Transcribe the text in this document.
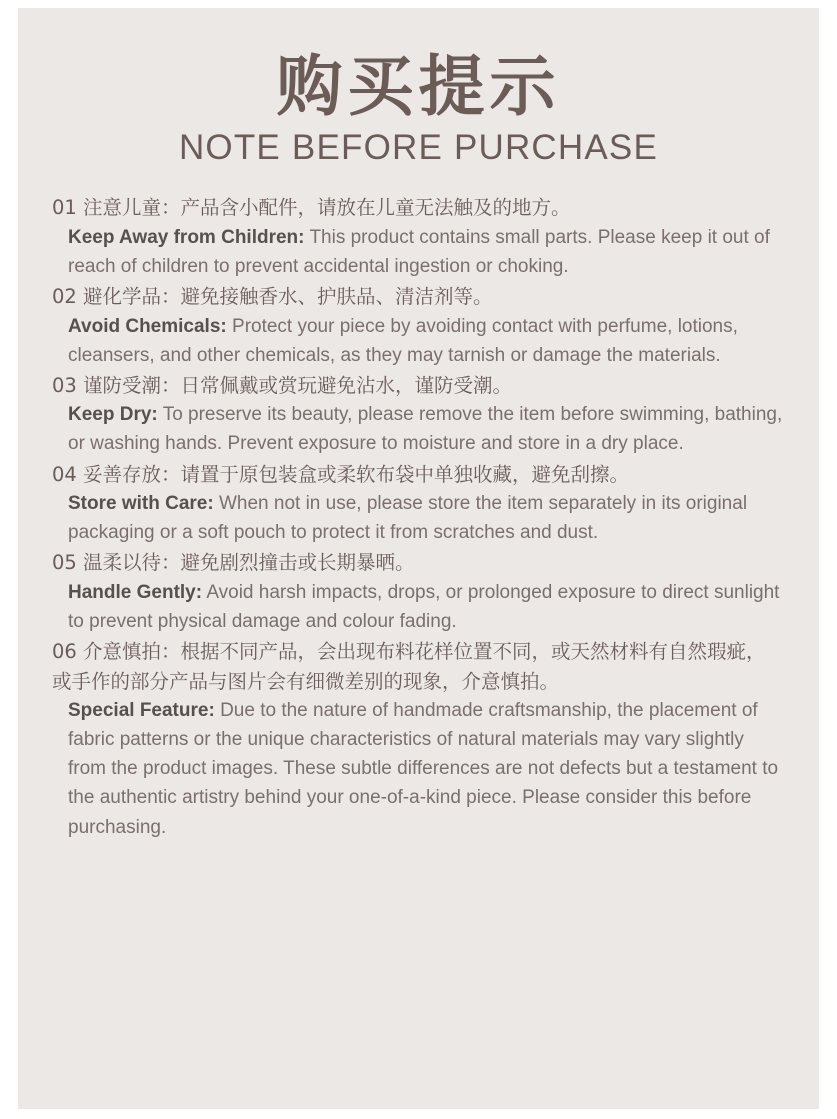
购买提示
NOTE BEFORE PURCHASE
01 注意儿童：产品含小配件，请放在儿童无法触及的地方。
Keep Away from Children: This product contains small parts. Please keep it out of reach of children to prevent accidental ingestion or choking.
02 避化学品：避免接触香水、护肤品、清洁剂等。
Avoid Chemicals: Protect your piece by avoiding contact with perfume, lotions, cleansers, and other chemicals, as they may tarnish or damage the materials.
03 谨防受潮：日常佩戴或赏玩避免沾水，谨防受潮。
Keep Dry: To preserve its beauty, please remove the item before swimming, bathing, or washing hands. Prevent exposure to moisture and store in a dry place.
04 妥善存放：请置于原包装盒或柔软布袋中单独收藏，避免刮擦。
Store with Care: When not in use, please store the item separately in its original packaging or a soft pouch to protect it from scratches and dust.
05 温柔以待：避免剧烈撞击或长期暴晒。
Handle Gently: Avoid harsh impacts, drops, or prolonged exposure to direct sunlight to prevent physical damage and colour fading.
06 介意慎拍：根据不同产品，会出现布料花样位置不同，或天然材料有自然瑕疵，或手作的部分产品与图片会有细微差别的现象，介意慎拍。
Special Feature: Due to the nature of handmade craftsmanship, the placement of fabric patterns or the unique characteristics of natural materials may vary slightly from the product images. These subtle differences are not defects but a testament to the authentic artistry behind your one-of-a-kind piece. Please consider this before purchasing.
